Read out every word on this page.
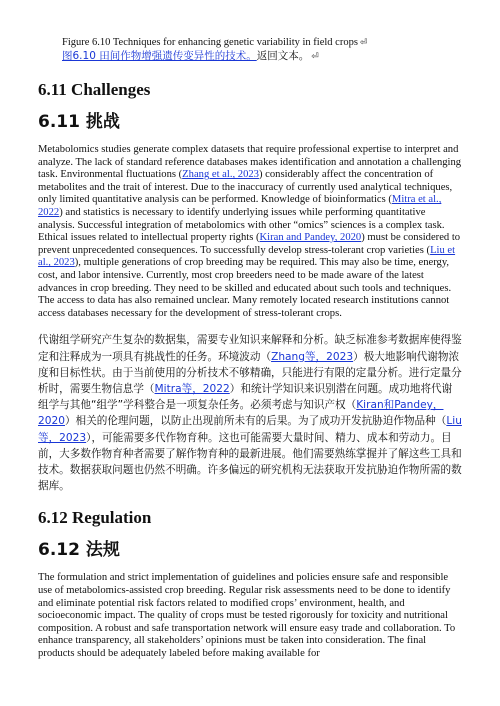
Figure 6.10 Techniques for enhancing genetic variability in field crops ⏎

图6.10 田间作物增强遗传变异性的技术。返回文本。 ⏎

6.11 Challenges
6.11 挑战

Metabolomics studies generate complex datasets that require professional expertise to interpret and analyze. The lack of standard reference databases makes identification and annotation a challenging task. Environmental fluctuations (Zhang et al., 2023) considerably affect the concentration of metabolites and the trait of interest. Due to the inaccuracy of currently used analytical techniques, only limited quantitative analysis can be performed. Knowledge of bioinformatics (Mitra et al., 2022) and statistics is necessary to identify underlying issues while performing quantitative analysis. Successful integration of metabolomics with other “omics” sciences is a complex task. Ethical issues related to intellectual property rights (Kiran and Pandey, 2020) must be considered to prevent unprecedented consequences. To successfully develop stress-tolerant crop varieties (Liu et al., 2023), multiple generations of crop breeding may be required. This may also be time, energy, cost, and labor intensive. Currently, most crop breeders need to be made aware of the latest advances in crop breeding. They need to be skilled and educated about such tools and techniques. The access to data has also remained unclear. Many remotely located research institutions cannot access databases necessary for the development of stress-tolerant crops.

代谢组学研究产生复杂的数据集，需要专业知识来解释和分析。缺乏标准参考数据库使得鉴定和注释成为一项具有挑战性的任务。环境波动（Zhang等，2023）极大地影响代谢物浓度和目标性状。由于当前使用的分析技术不够精确，只能进行有限的定量分析。进行定量分析时，需要生物信息学（Mitra等，2022）和统计学知识来识别潜在问题。成功地将代谢组学与其他“组学”学科整合是一项复杂任务。必须考虑与知识产权（Kiran和Pandey，2020）相关的伦理问题，以防止出现前所未有的后果。为了成功开发抗胁迫作物品种（Liu等，2023），可能需要多代作物育种。这也可能需要大量时间、精力、成本和劳动力。目前，大多数作物育种者需要了解作物育种的最新进展。他们需要熟练掌握并了解这些工具和技术。数据获取问题也仍然不明确。许多偏远的研究机构无法获取开发抗胁迫作物所需的数据库。

6.12 Regulation
6.12 法规

The formulation and strict implementation of guidelines and policies ensure safe and responsible use of metabolomics-assisted crop breeding. Regular risk assessments need to be done to identify and eliminate potential risk factors related to modified crops’ environment, health, and socioeconomic impact. The quality of crops must be tested rigorously for toxicity and nutritional composition. A robust and safe transportation network will ensure easy trade and collaboration. To enhance transparency, all stakeholders’ opinions must be taken into consideration. The final products should be adequately labeled before making available for
